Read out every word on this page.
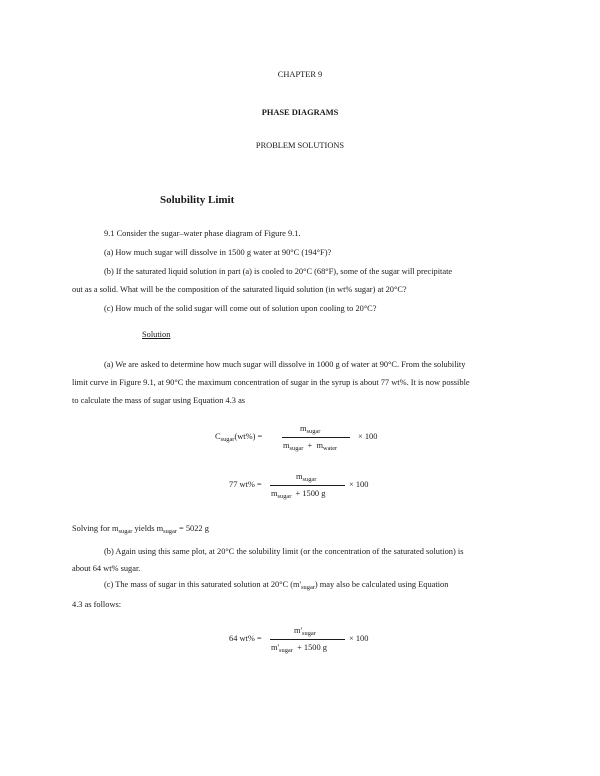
CHAPTER 9
PHASE DIAGRAMS
PROBLEM SOLUTIONS
Solubility Limit
9.1 Consider the sugar–water phase diagram of Figure 9.1.
(a) How much sugar will dissolve in 1500 g water at 90°C (194°F)?
(b) If the saturated liquid solution in part (a) is cooled to 20°C (68°F), some of the sugar will precipitate
out as a solid. What will be the composition of the saturated liquid solution (in wt% sugar) at 20°C?
(c) How much of the solid sugar will come out of solution upon cooling to 20°C?
Solution
(a) We are asked to determine how much sugar will dissolve in 1000 g of water at 90°C. From the solubility
limit curve in Figure 9.1, at 90°C the maximum concentration of sugar in the syrup is about 77 wt%. It is now possible
to calculate the mass of sugar using Equation 4.3 as
$C_{sugar}(wt\%)$ =
$m_{sugar}$
$m_{sugar} + m_{water}$
× 100
77 wt% =
$m_{sugar}$
$m_{sugar} + 1500$ g
× 100
Solving for $m_{sugar}$ yields $m_{sugar} = 5022$ g
(b) Again using this same plot, at 20°C the solubility limit (or the concentration of the saturated solution) is
about 64 wt% sugar.
(c) The mass of sugar in this saturated solution at 20°C $(m'_{sugar})$ may also be calculated using Equation
4.3 as follows:
64 wt% =
$m'_{sugar}$
$m'_{sugar} + 1500$ g
× 100
